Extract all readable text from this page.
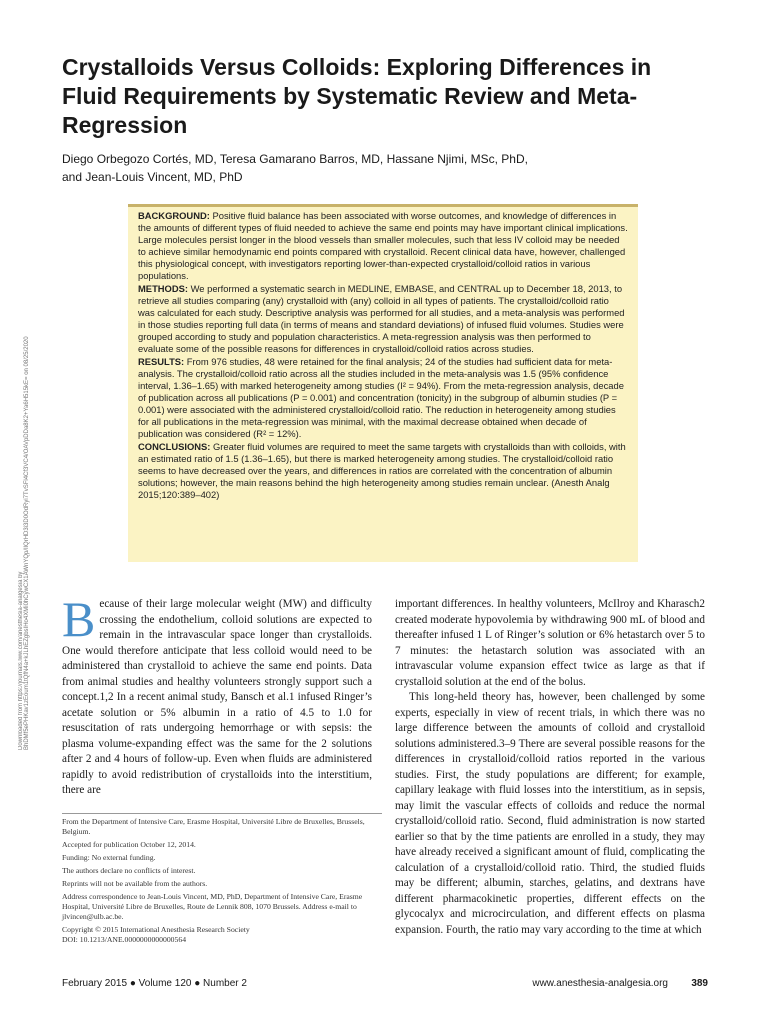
Downloaded from https://journals.lww.com/anesthesia-analgesia by BhDMf5ePHKav1zEoum1tQfN4a+kJLhEZgbsIHo4XMi0hCywCX1AWnYQp/IlQrHD3i3D0OdRyi7TvSFl4Cf3VC4/OAVpDDa8K2+Ya6H515kE= on 08/25/2020
Crystalloids Versus Colloids: Exploring Differences in Fluid Requirements by Systematic Review and Meta-Regression
Diego Orbegozo Cortés, MD, Teresa Gamarano Barros, MD, Hassane Njimi, MSc, PhD,
and Jean-Louis Vincent, MD, PhD

BACKGROUND: Positive fluid balance has been associated with worse outcomes, and knowledge of differences in the amounts of different types of fluid needed to achieve the same end points may have important clinical implications. Large molecules persist longer in the blood vessels than smaller molecules, such that less IV colloid may be needed to achieve similar hemodynamic end points compared with crystalloid. Recent clinical data have, however, challenged this physiological concept, with investigators reporting lower-than-expected crystalloid/colloid ratios in various populations.

METHODS: We performed a systematic search in MEDLINE, EMBASE, and CENTRAL up to December 18, 2013, to retrieve all studies comparing (any) crystalloid with (any) colloid in all types of patients. The crystalloid/colloid ratio was calculated for each study. Descriptive analysis was performed for all studies, and a meta-analysis was performed in those studies reporting full data (in terms of means and standard deviations) of infused fluid volumes. Studies were grouped according to study and population characteristics. A meta-regression analysis was then performed to evaluate some of the possible reasons for differences in crystalloid/colloid ratios across studies.

RESULTS: From 976 studies, 48 were retained for the final analysis; 24 of the studies had sufficient data for meta-analysis. The crystalloid/colloid ratio across all the studies included in the meta-analysis was 1.5 (95% confidence interval, 1.36–1.65) with marked heterogeneity among studies (I² = 94%). From the meta-regression analysis, decade of publication across all publications (P = 0.001) and concentration (tonicity) in the subgroup of albumin studies (P = 0.001) were associated with the administered crystalloid/colloid ratio. The reduction in heterogeneity among studies for all publications in the meta-regression was minimal, with the maximal decrease obtained when decade of publication was considered (R² = 12%).

CONCLUSIONS: Greater fluid volumes are required to meet the same targets with crystalloids than with colloids, with an estimated ratio of 1.5 (1.36–1.65), but there is marked heterogeneity among studies. The crystalloid/colloid ratio seems to have decreased over the years, and differences in ratios are correlated with the concentration of albumin solutions; however, the main reasons behind the high heterogeneity among studies remain unclear. (Anesth Analg 2015;120:389–402)

B ecause of their large molecular weight (MW) and difficulty crossing the endothelium, colloid solutions are expected to remain in the intravascular space longer than crystalloids. One would therefore anticipate that less colloid would need to be administered than crystalloid to achieve the same end points. Data from animal studies and healthy volunteers strongly support such a concept.1,2 In a recent animal study, Bansch et al.1 infused Ringer’s acetate solution or 5% albumin in a ratio of 4.5 to 1.0 for resuscitation of rats undergoing hemorrhage or with sepsis: the plasma volume-expanding effect was the same for the 2 solutions after 2 and 4 hours of follow-up. Even when fluids are administered rapidly to avoid redistribution of crystalloids into the interstitium, there are

important differences. In healthy volunteers, McIlroy and Kharasch2 created moderate hypovolemia by withdrawing 900 mL of blood and thereafter infused 1 L of Ringer’s solution or 6% hetastarch over 5 to 7 minutes: the hetastarch solution was associated with an intravascular volume expansion effect twice as large as that if crystalloid solution at the end of the bolus.

This long-held theory has, however, been challenged by some experts, especially in view of recent trials, in which there was no large difference between the amounts of colloid and crystalloid solutions administered.3–9 There are several possible reasons for the differences in crystalloid/colloid ratios reported in the various studies. First, the study populations are different; for example, capillary leakage with fluid losses into the interstitium, as in sepsis, may limit the vascular effects of colloids and reduce the normal crystalloid/colloid ratio. Second, fluid administration is now started earlier so that by the time patients are enrolled in a study, they may have already received a significant amount of fluid, complicating the calculation of a crystalloid/colloid ratio. Third, the studied fluids may be different; albumin, starches, gelatins, and dextrans have different pharmacokinetic properties, different effects on the glycocalyx and microcirculation, and different effects on plasma expansion. Fourth, the ratio may vary according to the time at which

From the Department of Intensive Care, Erasme Hospital, Université Libre de Bruxelles, Brussels, Belgium.

Accepted for publication October 12, 2014.

Funding: No external funding.

The authors declare no conflicts of interest.

Reprints will not be available from the authors.

Address correspondence to Jean-Louis Vincent, MD, PhD, Department of Intensive Care, Erasme Hospital, Université Libre de Bruxelles, Route de Lennik 808, 1070 Brussels. Address e-mail to jlvincen@ulb.ac.be.

Copyright © 2015 International Anesthesia Research Society
DOI: 10.1213/ANE.0000000000000564
February 2015 ● Volume 120 ● Number 2	www.anesthesia-analgesia.org 389
